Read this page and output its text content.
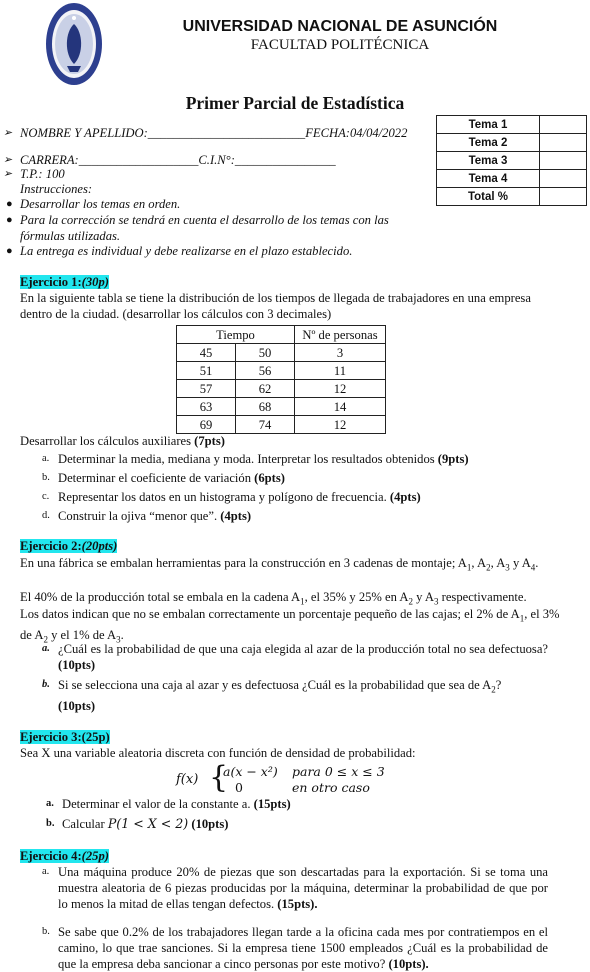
UNIVERSIDAD NACIONAL DE ASUNCIÓN
FACULTAD POLITÉCNICA
Primer Parcial de Estadística
➢ NOMBRE Y APELLIDO:_________________________FECHA:04/04/2022
➢ CARRERA:___________________C.I.N°:________________
➢ T.P.: 100
Instrucciones:
● Desarrollar los temas en orden.
● Para la corrección se tendrá en cuenta el desarrollo de los temas con las fórmulas utilizadas.
● La entrega es individual y debe realizarse en el plazo establecido.
Tema 1	
Tema 2	
Tema 3	
Tema 4	
Total %	
Ejercicio 1:(30p)
En la siguiente tabla se tiene la distribución de los tiempos de llegada de trabajadores en una empresa dentro de la ciudad. (desarrollar los cálculos con 3 decimales)
Tiempo		Nº de personas
45	50	3
51	56	11
57	62	12
63	68	14
69	74	12
Desarrollar los cálculos auxiliares (7pts)
a. Determinar la media, mediana y moda. Interpretar los resultados obtenidos (9pts)
b. Determinar el coeficiente de variación (6pts)
c. Representar los datos en un histograma y polígono de frecuencia. (4pts)
d. Construir la ojiva “menor que”. (4pts)
Ejercicio 2:(20pts)
En una fábrica se embalan herramientas para la construcción en 3 cadenas de montaje; $A_1$, $A_2$, $A_3$ y $A_4$.
El 40% de la producción total se embala en la cadena $A_1$, el 35% y 25% en $A_2$ y $A_3$ respectivamente.
Los datos indican que no se embalan correctamente un porcentaje pequeño de las cajas; el 2% de $A_1$, el 3% de $A_2$ y el 1% de $A_3$.
a. ¿Cuál es la probabilidad de que una caja elegida al azar de la producción total no sea defectuosa? (10pts)
b. Si se selecciona una caja al azar y es defectuosa ¿Cuál es la probabilidad que sea de $A_2$?
(10pts)
Ejercicio 3:(25p)
Sea X una variable aleatoria discreta con función de densidad de probabilidad:
f(x) {
a(x − x²) para 0 ≤ x ≤ 3
0	en otro caso
a. Determinar el valor de la constante a. (15pts)
b. Calcular P(1 < X < 2) (10pts)
Ejercicio 4:(25p)
a. Una máquina produce 20% de piezas que son descartadas para la exportación. Si se toma una muestra aleatoria de 6 piezas producidas por la máquina, determinar la probabilidad de que por lo menos la mitad de ellas tengan defectos. (15pts).
b. Se sabe que 0.2% de los trabajadores llegan tarde a la oficina cada mes por contratiempos en el camino, lo que trae sanciones. Si la empresa tiene 1500 empleados ¿Cuál es la probabilidad de que la empresa deba sancionar a cinco personas por este motivo? (10pts).
